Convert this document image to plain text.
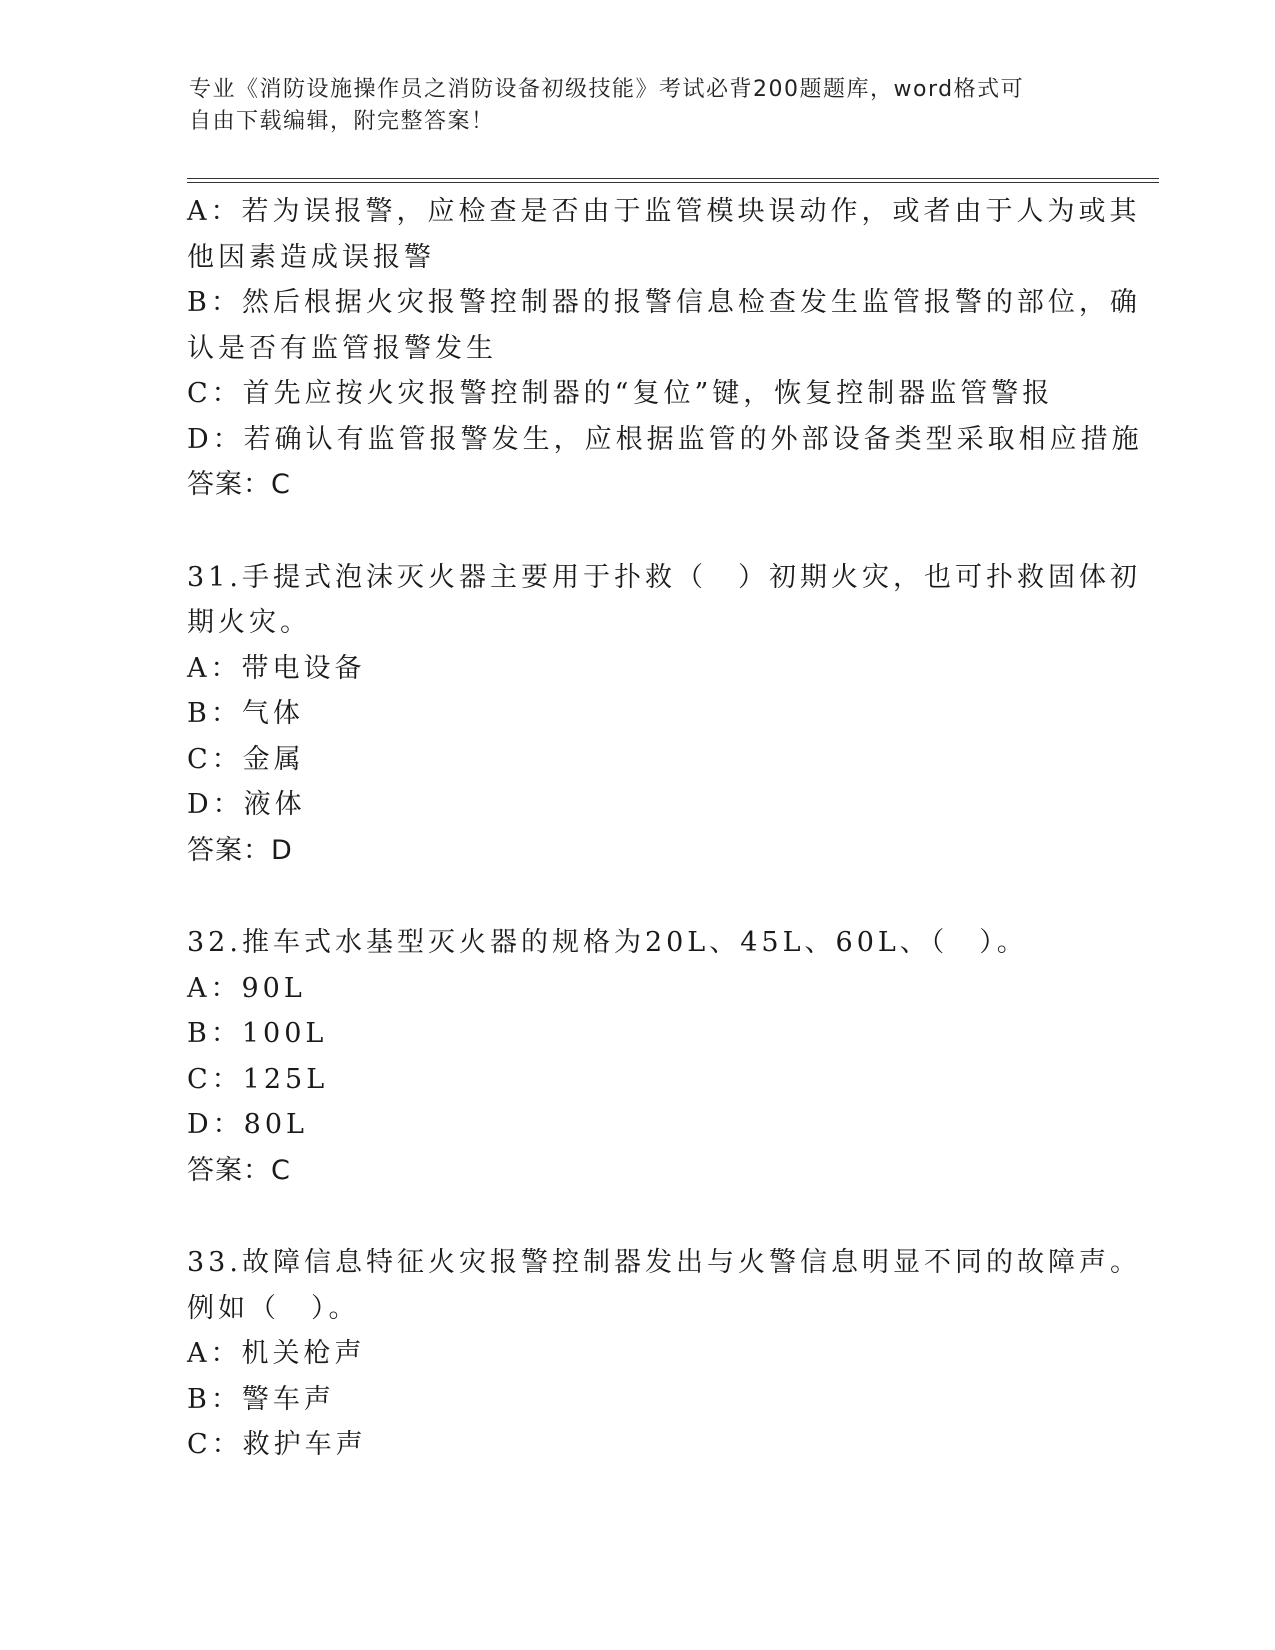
专业《消防设施操作员之消防设备初级技能》考试必背200题题库，word格式可
自由下载编辑，附完整答案！
A：若为误报警，应检查是否由于监管模块误动作，或者由于人为或其
他因素造成误报警
B：然后根据火灾报警控制器的报警信息检查发生监管报警的部位，确
认是否有监管报警发生
C：首先应按火灾报警控制器的“复位”键，恢复控制器监管警报
D：若确认有监管报警发生，应根据监管的外部设备类型采取相应措施
答案：C
31.手提式泡沫灭火器主要用于扑救（　）初期火灾，也可扑救固体初
期火灾。
A：带电设备
B：气体
C：金属
D：液体
答案：D
32.推车式水基型灭火器的规格为20L、45L、60L、（　）。
A：90L
B：100L
C：125L
D：80L
答案：C
33.故障信息特征火灾报警控制器发出与火警信息明显不同的故障声。
例如（　）。
A：机关枪声
B：警车声
C：救护车声
